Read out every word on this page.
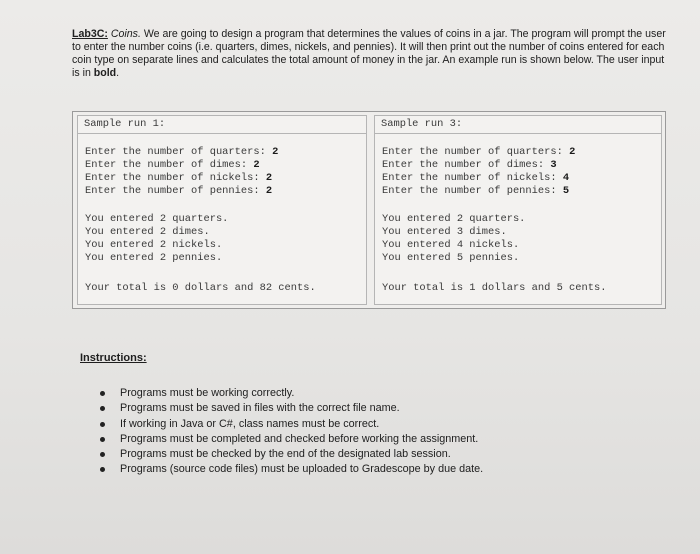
Lab3C: Coins. We are going to design a program that determines the values of coins in a jar. The program will prompt the user to enter the number coins (i.e. quarters, dimes, nickels, and pennies). It will then print out the number of coins entered for each coin type on separate lines and calculates the total amount of money in the jar. An example run is shown below. The user input is in bold.

Sample run 1:
Enter the number of quarters: 2
Enter the number of dimes: 2
Enter the number of nickels: 2
Enter the number of pennies: 2
You entered 2 quarters.
You entered 2 dimes.
You entered 2 nickels.
You entered 2 pennies.
Your total is 0 dollars and 82 cents.
Sample run 3:
Enter the number of quarters: 2
Enter the number of dimes: 3
Enter the number of nickels: 4
Enter the number of pennies: 5
You entered 2 quarters.
You entered 3 dimes.
You entered 4 nickels.
You entered 5 pennies.
Your total is 1 dollars and 5 cents.
Instructions:
Programs must be working correctly.
Programs must be saved in files with the correct file name.
If working in Java or C#, class names must be correct.
Programs must be completed and checked before working the assignment.
Programs must be checked by the end of the designated lab session.
Programs (source code files) must be uploaded to Gradescope by due date.
